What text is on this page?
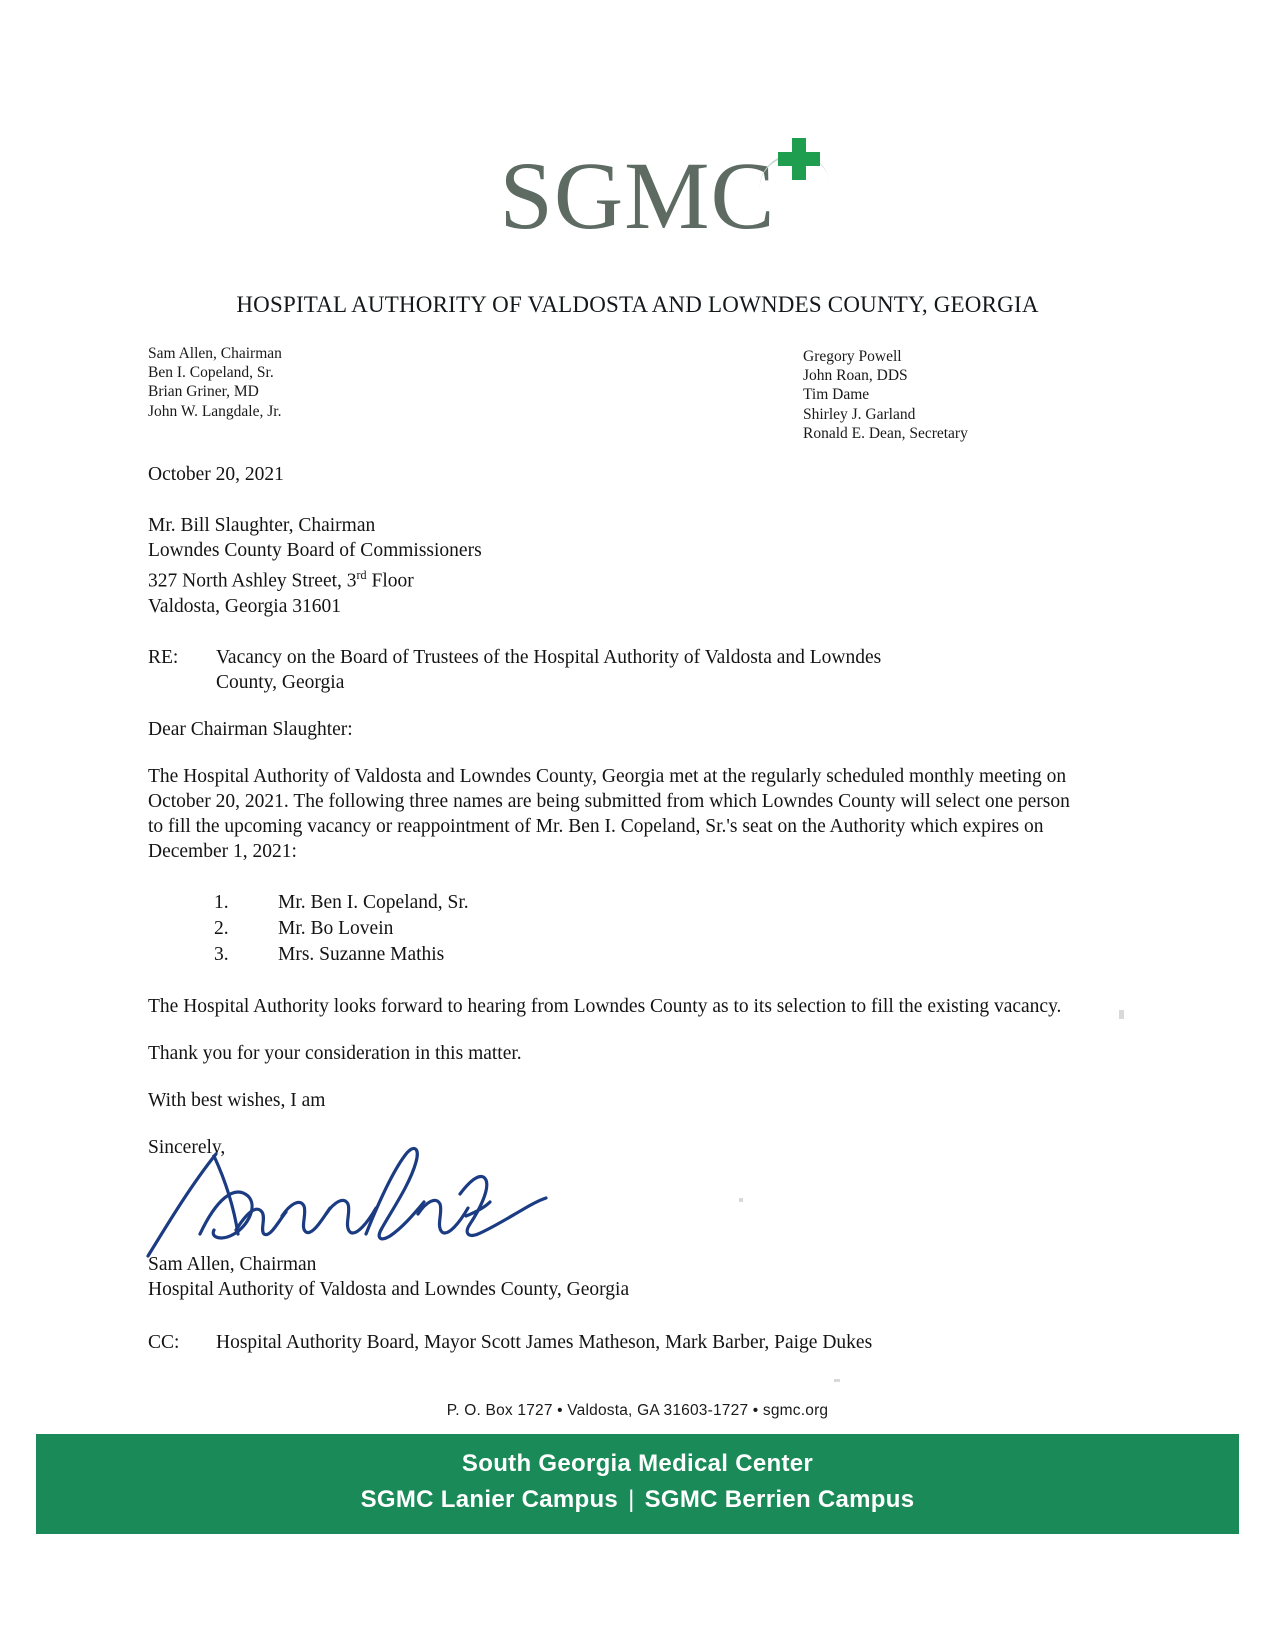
SGMC
HOSPITAL AUTHORITY OF VALDOSTA AND LOWNDES COUNTY, GEORGIA
Sam Allen, Chairman
Ben I. Copeland, Sr.
Brian Griner, MD
John W. Langdale, Jr.
Gregory Powell
John Roan, DDS
Tim Dame
Shirley J. Garland
Ronald E. Dean, Secretary
October 20, 2021
Mr. Bill Slaughter, Chairman
Lowndes County Board of Commissioners
327 North Ashley Street, 3rd Floor
Valdosta, Georgia 31601
RE:	Vacancy on the Board of Trustees of the Hospital Authority of Valdosta and Lowndes
County, Georgia
Dear Chairman Slaughter:
The Hospital Authority of Valdosta and Lowndes County, Georgia met at the regularly scheduled monthly meeting on October 20, 2021. The following three names are being submitted from which Lowndes County will select one person to fill the upcoming vacancy or reappointment of Mr. Ben I. Copeland, Sr.'s seat on the Authority which expires on December 1, 2021:
1.	Mr. Ben I. Copeland, Sr.
2.	Mr. Bo Lovein
3.	Mrs. Suzanne Mathis
The Hospital Authority looks forward to hearing from Lowndes County as to its selection to fill the existing vacancy.
Thank you for your consideration in this matter.
With best wishes, I am
Sincerely,
Sam Allen, Chairman
Hospital Authority of Valdosta and Lowndes County, Georgia
CC:	Hospital Authority Board, Mayor Scott James Matheson, Mark Barber, Paige Dukes
P. O. Box 1727 • Valdosta, GA 31603-1727 • sgmc.org
South Georgia Medical Center
SGMC Lanier Campus | SGMC Berrien Campus
